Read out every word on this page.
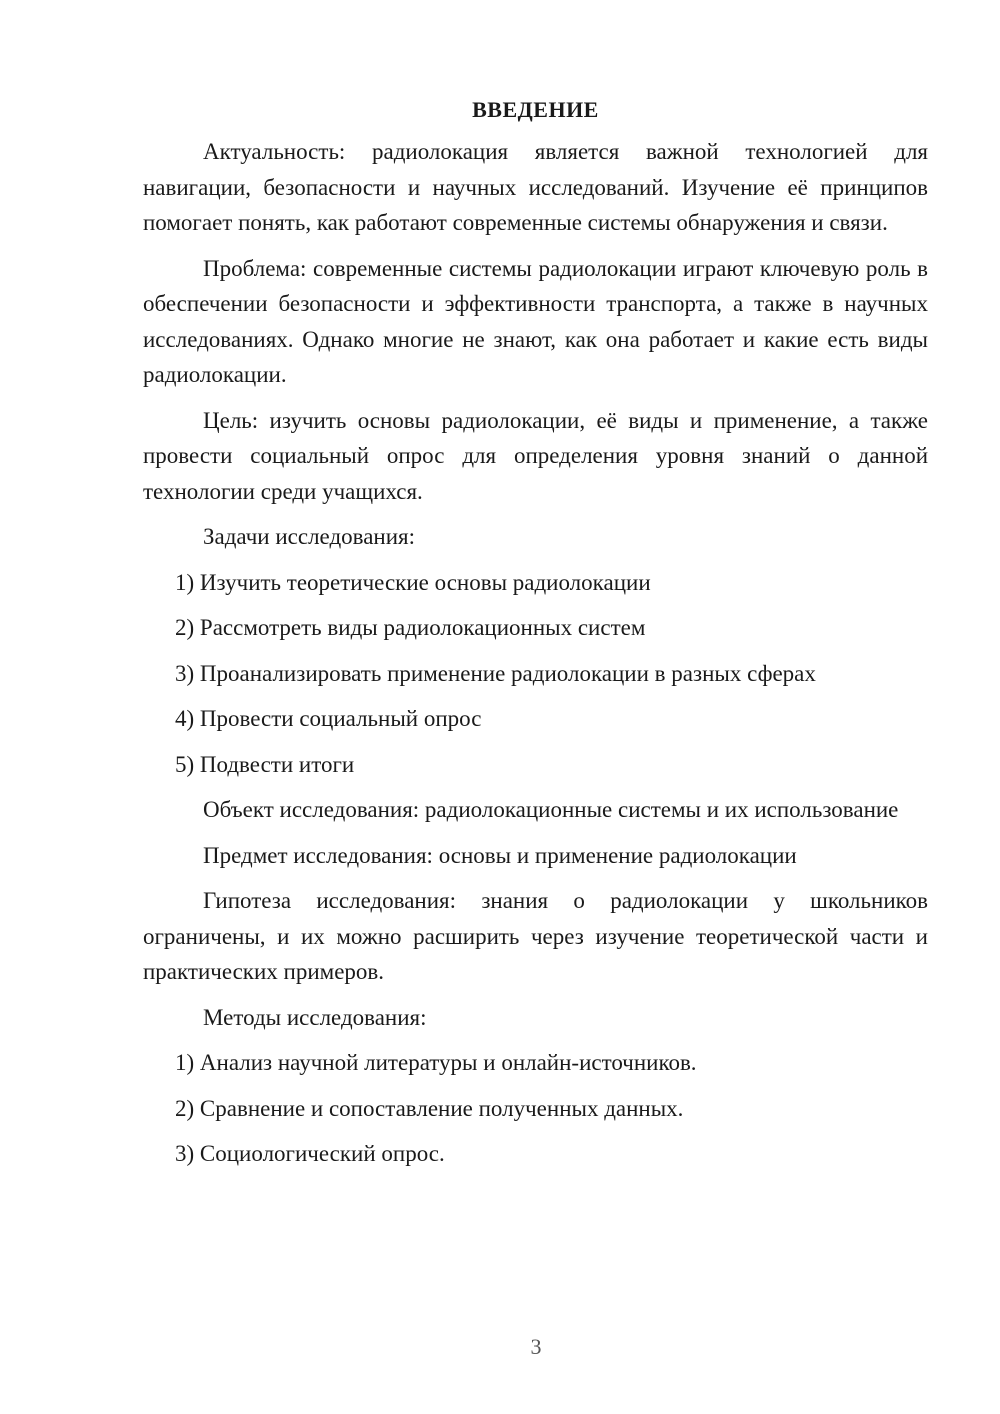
ВВЕДЕНИЕ

Актуальность: радиолокация является важной технологией для навигации, безопасности и научных исследований. Изучение её принципов помогает понять, как работают современные системы обнаружения и связи.

Проблема: современные системы радиолокации играют ключевую роль в обеспечении безопасности и эффективности транспорта, а также в научных исследованиях. Однако многие не знают, как она работает и какие есть виды радиолокации.

Цель: изучить основы радиолокации, её виды и применение, а также провести социальный опрос для определения уровня знаний о данной технологии среди учащихся.

Задачи исследования:

1) Изучить теоретические основы радиолокации

2) Рассмотреть виды радиолокационных систем

3) Проанализировать применение радиолокации в разных сферах

4) Провести социальный опрос

5) Подвести итоги

Объект исследования: радиолокационные системы и их использование

Предмет исследования: основы и применение радиолокации

Гипотеза исследования: знания о радиолокации у школьников ограничены, и их можно расширить через изучение теоретической части и практических примеров.

Методы исследования:

1) Анализ научной литературы и онлайн-источников.

2) Сравнение и сопоставление полученных данных.

3) Социологический опрос.

3
